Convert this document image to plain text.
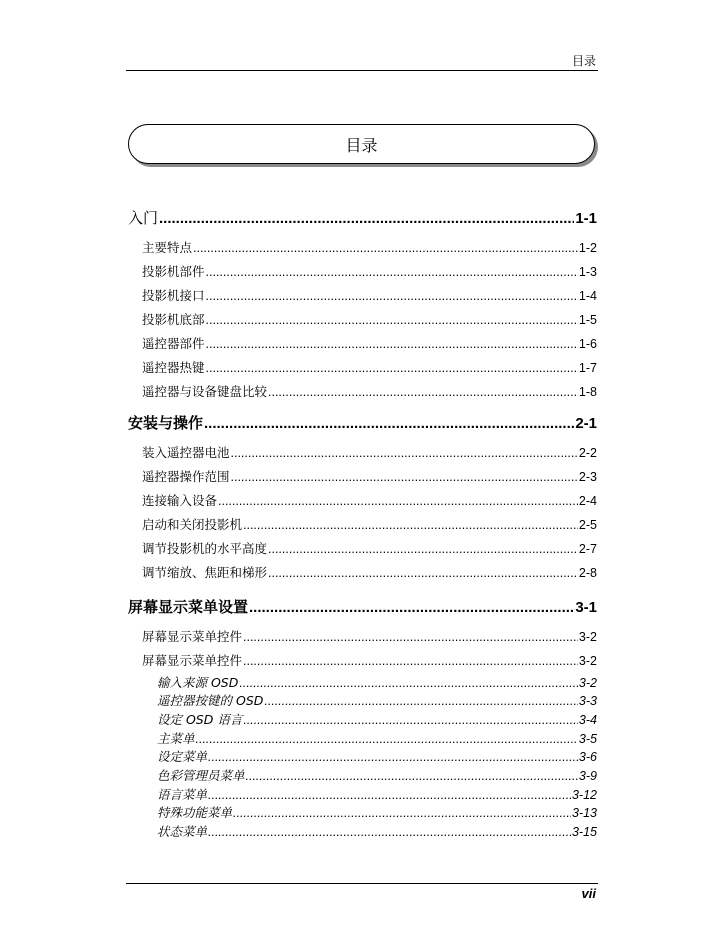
目录
目录
入门 .....	1-1
主要特点 .....	1-2
投影机部件 .....	1-3
投影机接口 .....	1-4
投影机底部 .....	1-5
遥控器部件 .....	1-6
遥控器热键 .....	1-7
遥控器与设备键盘比较 .....	1-8
安装与操作 .....	2-1
装入遥控器电池 .....	2-2
遥控器操作范围 .....	2-3
连接输入设备 .....	2-4
启动和关闭投影机 .....	2-5
调节投影机的水平高度 .....	2-7
调节缩放、焦距和梯形 .....	2-8
屏幕显示菜单设置 .....	3-1
屏幕显示菜单控件 .....	3-2
屏幕显示菜单控件 .....	3-2
输入来源 OSD .....	3-2
遥控器按键的 OSD .....	3-3
设定 OSD 语言 .....	3-4
主菜单 .....	3-5
设定菜单 .....	3-6
色彩管理员菜单 .....	3-9
语言菜单 .....	3-12
特殊功能菜单 .....	3-13
状态菜单 .....	3-15
vii
